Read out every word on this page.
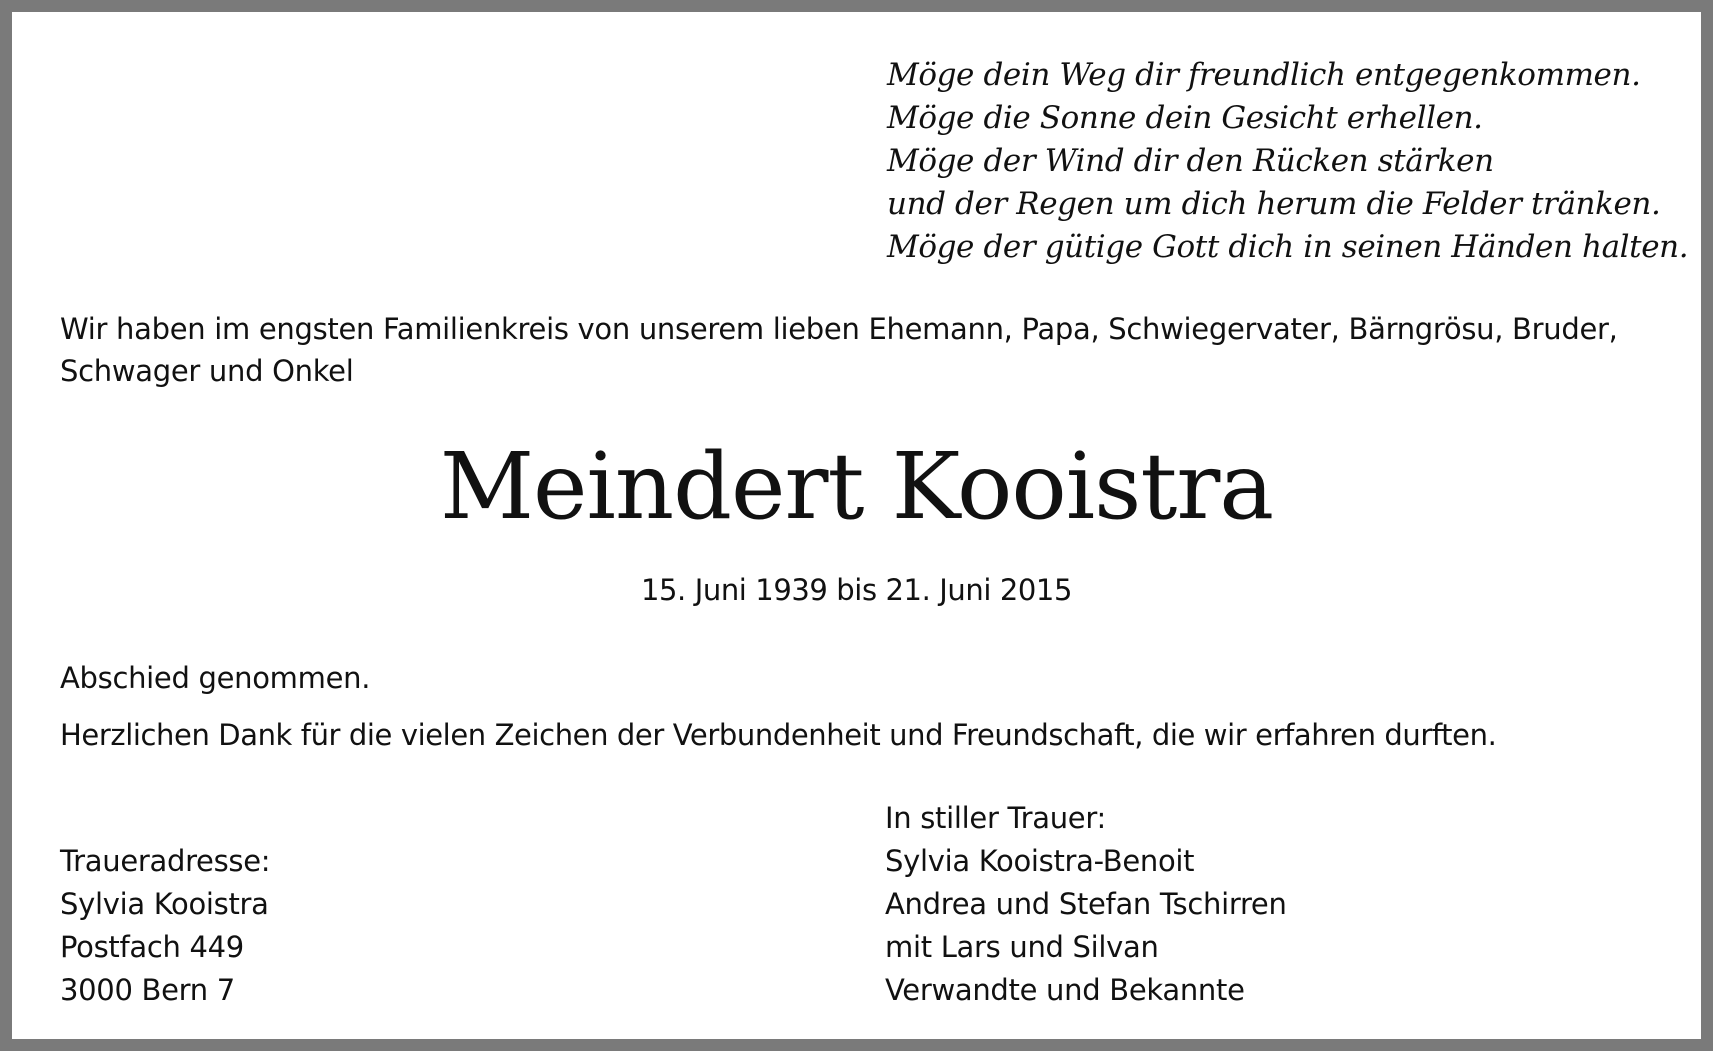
Möge dein Weg dir freundlich entgegenkommen.
Möge die Sonne dein Gesicht erhellen.
Möge der Wind dir den Rücken stärken
und der Regen um dich herum die Felder tränken.
Möge der gütige Gott dich in seinen Händen halten.
Wir haben im engsten Familienkreis von unserem lieben Ehemann, Papa, Schwiegervater, Bärngrösu, Bruder, Schwager und Onkel
Meindert Kooistra
15. Juni 1939 bis 21. Juni 2015
Abschied genommen.
Herzlichen Dank für die vielen Zeichen der Verbundenheit und Freundschaft, die wir erfahren durften.
Traueradresse:
Sylvia Kooistra
Postfach 449
3000 Bern 7
In stiller Trauer:
Sylvia Kooistra-Benoit
Andrea und Stefan Tschirren
mit Lars und Silvan
Verwandte und Bekannte
